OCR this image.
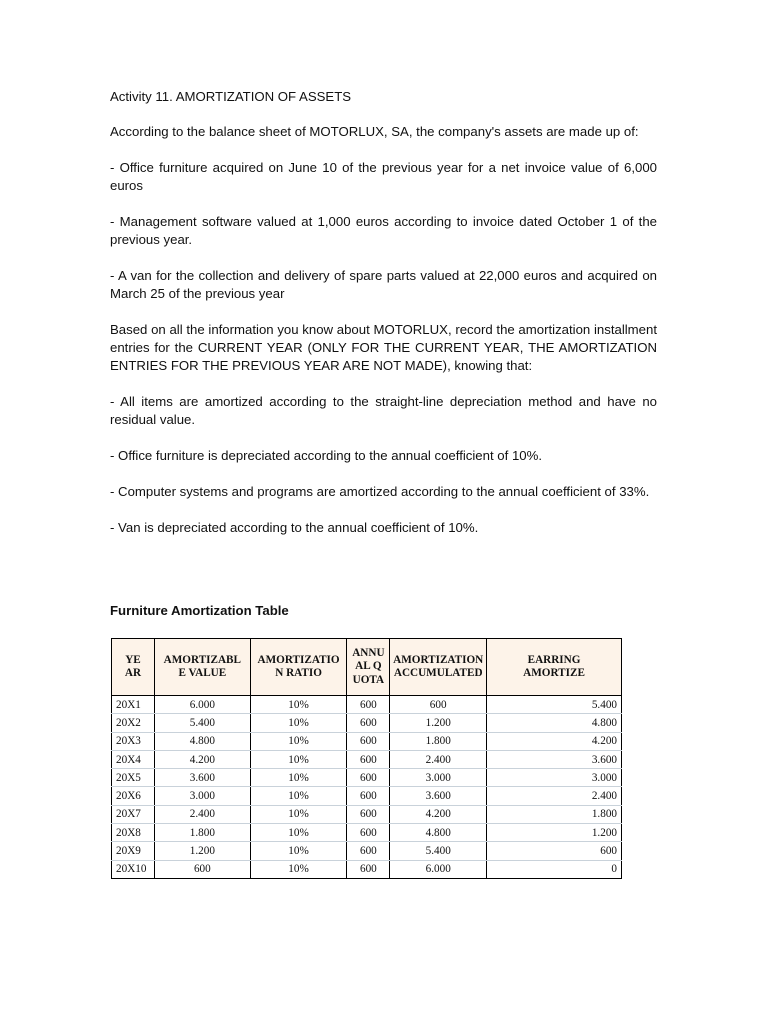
Activity 11. AMORTIZATION OF ASSETS

According to the balance sheet of MOTORLUX, SA, the company's assets are made up of:

- Office furniture acquired on June 10 of the previous year for a net invoice value of 6,000 euros

- Management software valued at 1,000 euros according to invoice dated October 1 of the previous year.

- A van for the collection and delivery of spare parts valued at 22,000 euros and acquired on March 25 of the previous year

Based on all the information you know about MOTORLUX, record the amortization installment entries for the CURRENT YEAR (ONLY FOR THE CURRENT YEAR, THE AMORTIZATION ENTRIES FOR THE PREVIOUS YEAR ARE NOT MADE), knowing that:

- All items are amortized according to the straight-line depreciation method and have no residual value.

- Office furniture is depreciated according to the annual coefficient of 10%.

- Computer systems and programs are amortized according to the annual coefficient of 33%.

- Van is depreciated according to the annual coefficient of 10%.

Furniture Amortization Table
YEAR	AMORTIZABLE VALUE	AMORTIZATION RATIO	ANNUAL QUOTA	AMORTIZATION ACCUMULATED	EARRING AMORTIZE
20X1	6.000	10%	600	600	5.400
20X2	5.400	10%	600	1.200	4.800
20X3	4.800	10%	600	1.800	4.200
20X4	4.200	10%	600	2.400	3.600
20X5	3.600	10%	600	3.000	3.000
20X6	3.000	10%	600	3.600	2.400
20X7	2.400	10%	600	4.200	1.800
20X8	1.800	10%	600	4.800	1.200
20X9	1.200	10%	600	5.400	600
20X10	600	10%	600	6.000	0
